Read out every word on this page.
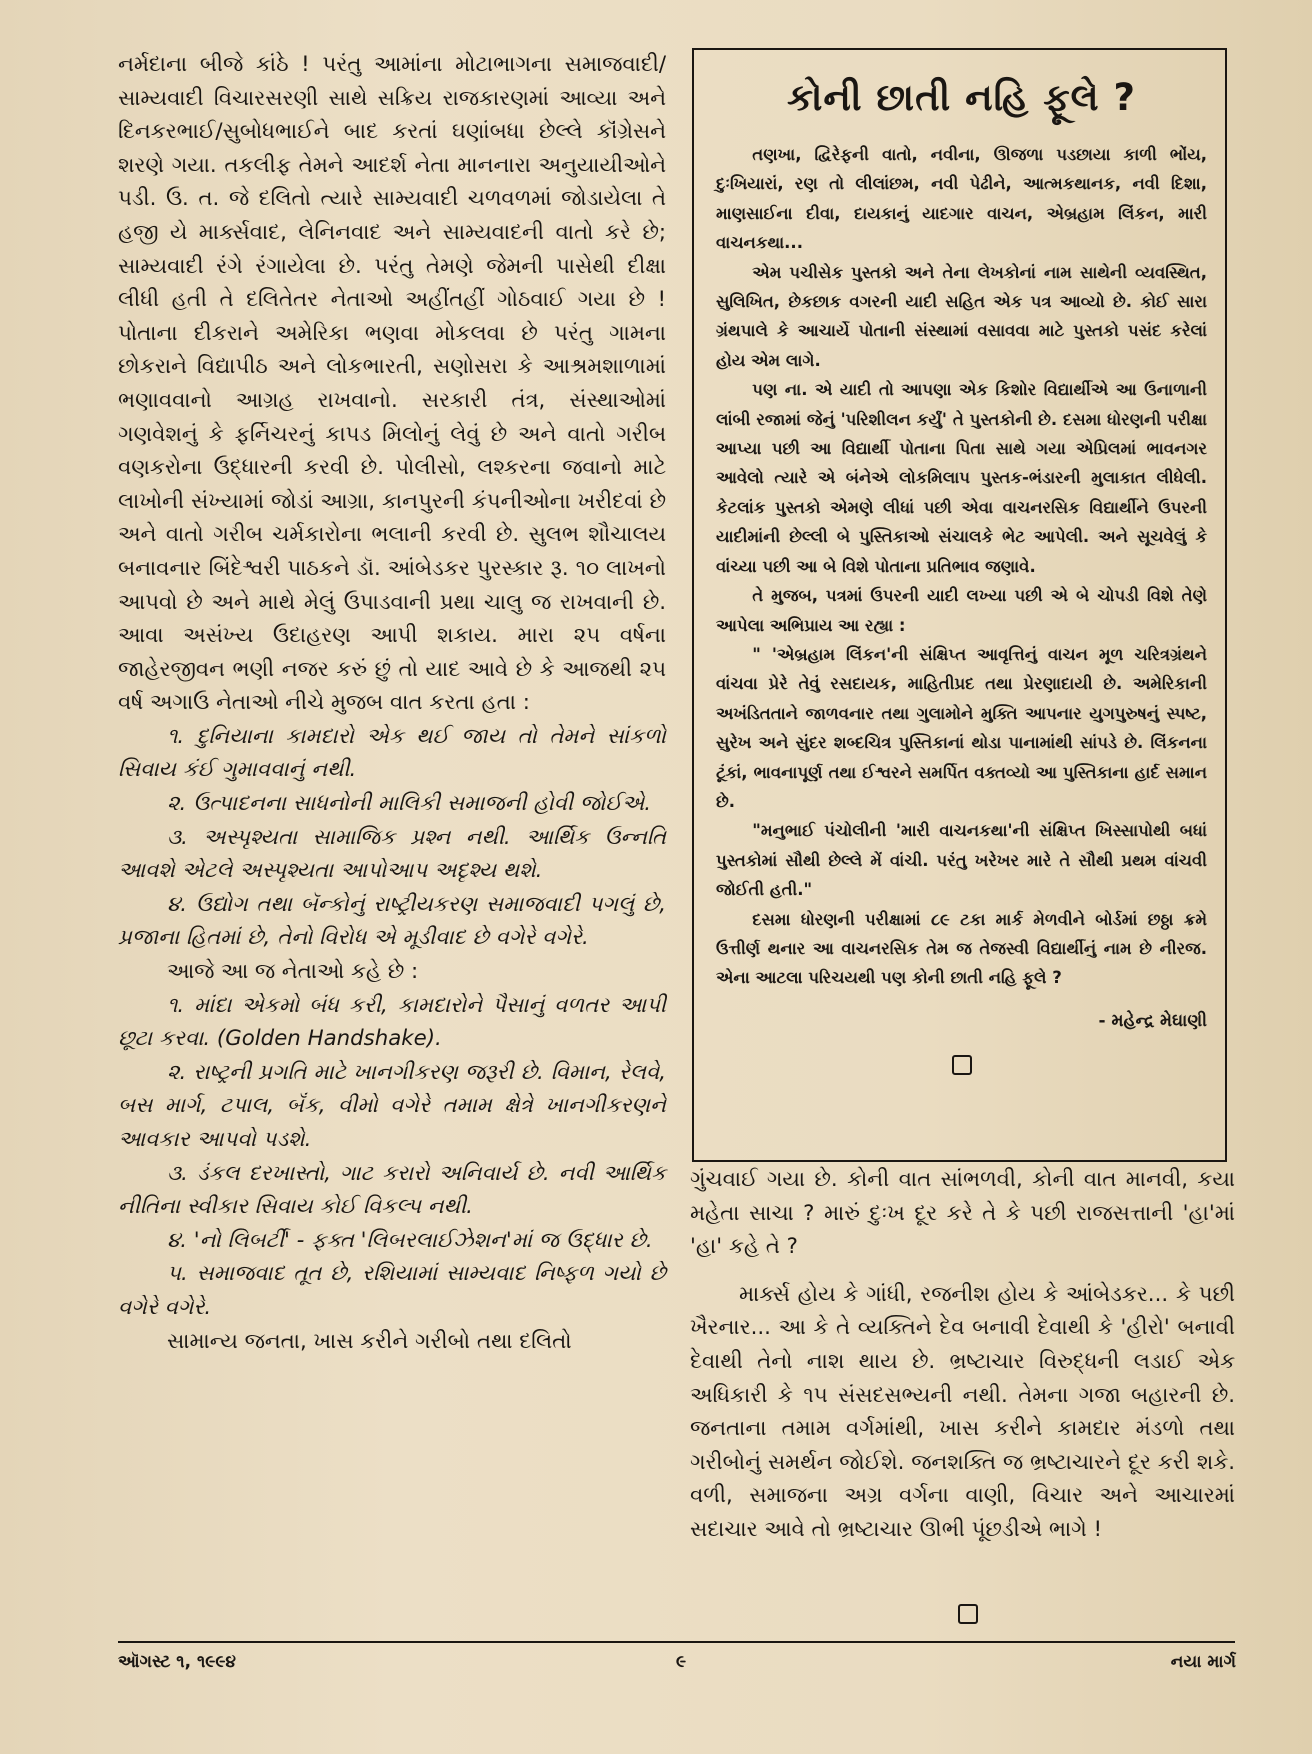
નર્મદાના બીજે કાંઠે ! પરંતુ આમાંના મોટાભાગના સમાજવાદી/સામ્યવાદી વિચારસરણી સાથે સક્રિય રાજકારણમાં આવ્યા અને દિનકરભાઈ/સુબોધભાઈને બાદ કરતાં ઘણાંબધા છેલ્લે કૉંગ્રેસને શરણે ગયા. તકલીફ તેમને આદર્શ નેતા માનનારા અનુયાયીઓને પડી. ઉ. ત. જે દલિતો ત્યારે સામ્યવાદી ચળવળમાં જોડાયેલા તે હજી યે માર્ક્સવાદ, લેનિનવાદ અને સામ્યવાદની વાતો કરે છે; સામ્યવાદી રંગે રંગાયેલા છે. પરંતુ તેમણે જેમની પાસેથી દીક્ષા લીધી હતી તે દલિતેતર નેતાઓ અહીંતહીં ગોઠવાઈ ગયા છે ! પોતાના દીકરાને અમેરિકા ભણવા મોકલવા છે પરંતુ ગામના છોકરાને વિદ્યાપીઠ અને લોકભારતી, સણોસરા કે આશ્રમશાળામાં ભણાવવાનો આગ્રહ રાખવાનો. સરકારી તંત્ર, સંસ્થાઓમાં ગણવેશનું કે ફર્નિચરનું કાપડ મિલોનું લેવું છે અને વાતો ગરીબ વણકરોના ઉદ્ધારની કરવી છે. પોલીસો, લશ્કરના જવાનો માટે લાખોની સંખ્યામાં જોડાં આગ્રા, કાનપુરની કંપનીઓના ખરીદવાં છે અને વાતો ગરીબ ચર્મકારોના ભલાની કરવી છે. સુલભ શૌચાલય બનાવનાર બિંદેશ્વરી પાઠકને ડૉ. આંબેડકર પુરસ્કાર રૂ. ૧૦ લાખનો આપવો છે અને માથે મેલું ઉપાડવાની પ્રથા ચાલુ જ રાખવાની છે. આવા અસંખ્ય ઉદાહરણ આપી શકાય. મારા ૨૫ વર્ષના જાહેરજીવન ભણી નજર કરું છું તો યાદ આવે છે કે આજથી ૨૫ વર્ષ અગાઉ નેતાઓ નીચે મુજબ વાત કરતા હતા :

૧. દુનિયાના કામદારો એક થઈ જાય તો તેમને સાંકળો સિવાય કંઈ ગુમાવવાનું નથી.

૨. ઉત્પાદનના સાધનોની માલિકી સમાજની હોવી જોઈએ.

૩. અસ્પૃશ્યતા સામાજિક પ્રશ્ન નથી. આર્થિક ઉન્નતિ આવશે એટલે અસ્પૃશ્યતા આપોઆપ અદૃશ્ય થશે.

૪. ઉદ્યોગ તથા બૅન્કોનું રાષ્ટ્રીયકરણ સમાજવાદી પગલું છે, પ્રજાના હિતમાં છે, તેનો વિરોધ એ મૂડીવાદ છે વગેરે વગેરે.

આજે આ જ નેતાઓ કહે છે :

૧. માંદા એકમો બંધ કરી, કામદારોને પૈસાનું વળતર આપી છૂટા કરવા. (Golden Handshake).

૨. રાષ્ટ્રની પ્રગતિ માટે ખાનગીકરણ જરૂરી છે. વિમાન, રેલવે, બસ માર્ગ, ટપાલ, બૅંક, વીમો વગેરે તમામ ક્ષેત્રે ખાનગીકરણને આવકાર આપવો પડશે.

૩. ડંકલ દરખાસ્તો, ગાટ કરારો અનિવાર્ય છે. નવી આર્થિક નીતિના સ્વીકાર સિવાય કોઈ વિકલ્પ નથી.

૪. 'નો લિબર્ટી' - ફક્ત 'લિબરલાઈઝેશન'માં જ ઉદ્ધાર છે.

૫. સમાજવાદ તૂત છે, રશિયામાં સામ્યવાદ નિષ્ફળ ગયો છે વગેરે વગેરે.

સામાન્ય જનતા, ખાસ કરીને ગરીબો તથા દલિતો

કોની છાતી નહિ ફૂલે ?

તણખા, દ્વિરેફની વાતો, નવીના, ઊજળા પડછાયા કાળી ભોંય, દુઃખિયારાં, રણ તો લીલાંછમ, નવી પેઢીને, આત્મકથાનક, નવી દિશા, માણસાઈના દીવા, દાયકાનું યાદગાર વાચન, એબ્રહામ લિંકન, મારી વાચનકથા...

એમ પચીસેક પુસ્તકો અને તેના લેખકોનાં નામ સાથેની વ્યવસ્થિત, સુલિખિત, છેકછાક વગરની યાદી સહિત એક પત્ર આવ્યો છે. કોઈ સારા ગ્રંથપાલે કે આચાર્યે પોતાની સંસ્થામાં વસાવવા માટે પુસ્તકો પસંદ કરેલાં હોય એમ લાગે.

પણ ના. એ યાદી તો આપણા એક કિશોર વિદ્યાર્થીએ આ ઉનાળાની લાંબી રજામાં જેનું 'પરિશીલન કર્યું' તે પુસ્તકોની છે. દસમા ધોરણની પરીક્ષા આપ્યા પછી આ વિદ્યાર્થી પોતાના પિતા સાથે ગયા એપ્રિલમાં ભાવનગર આવેલો ત્યારે એ બંનેએ લોકમિલાપ પુસ્તક-ભંડારની મુલાકાત લીધેલી. કેટલાંક પુસ્તકો એમણે લીધાં પછી એવા વાચનરસિક વિદ્યાર્થીને ઉપરની યાદીમાંની છેલ્લી બે પુસ્તિકાઓ સંચાલકે ભેટ આપેલી. અને સૂચવેલું કે વાંચ્યા પછી આ બે વિશે પોતાના પ્રતિભાવ જણાવે.

તે મુજબ, પત્રમાં ઉપરની યાદી લખ્યા પછી એ બે ચોપડી વિશે તેણે આપેલા અભિપ્રાય આ રહ્યા :

" 'એબ્રહામ લિંકન'ની સંક્ષિપ્ત આવૃત્તિનું વાચન મૂળ ચરિત્રગ્રંથને વાંચવા પ્રેરે તેવું રસદાયક, માહિતીપ્રદ તથા પ્રેરણાદાયી છે. અમેરિકાની અખંડિતતાને જાળવનાર તથા ગુલામોને મુક્તિ આપનાર યુગપુરુષનું સ્પષ્ટ, સુરેખ અને સુંદર શબ્દચિત્ર પુસ્તિકાનાં થોડા પાનામાંથી સાંપડે છે. લિંકનના ટૂંકાં, ભાવનાપૂર્ણ તથા ઈશ્વરને સમર્પિત વક્તવ્યો આ પુસ્તિકાના હાર્દ સમાન છે.

"મનુભાઈ પંચોલીની 'મારી વાચનકથા'ની સંક્ષિપ્ત ખિસ્સાપોથી બધાં પુસ્તકોમાં સૌથી છેલ્લે મેં વાંચી. પરંતુ ખરેખર મારે તે સૌથી પ્રથમ વાંચવી જોઈતી હતી."

દસમા ધોરણની પરીક્ષામાં ૮૯ ટકા માર્ક મેળવીને બોર્ડમાં છઠ્ઠા ક્રમે ઉત્તીર્ણ થનાર આ વાચનરસિક તેમ જ તેજસ્વી વિદ્યાર્થીનું નામ છે નીરજ. એના આટલા પરિચયથી પણ કોની છાતી નહિ ફૂલે ?

- મહેન્દ્ર મેઘાણી

ગુંચવાઈ ગયા છે. કોની વાત સાંભળવી, કોની વાત માનવી, કયા મહેતા સાચા ? મારું દુઃખ દૂર કરે તે કે પછી રાજસત્તાની 'હા'માં 'હા' કહે તે ?

માર્ક્સ હોય કે ગાંધી, રજનીશ હોય કે આંબેડકર... કે પછી ખૈરનાર... આ કે તે વ્યક્તિને દેવ બનાવી દેવાથી કે 'હીરો' બનાવી દેવાથી તેનો નાશ થાય છે. ભ્રષ્ટાચાર વિરુદ્ધની લડાઈ એક અધિકારી કે ૧૫ સંસદસભ્યની નથી. તેમના ગજા બહારની છે. જનતાના તમામ વર્ગમાંથી, ખાસ કરીને કામદાર મંડળો તથા ગરીબોનું સમર્થન જોઈશે. જનશક્તિ જ ભ્રષ્ટાચારને દૂર કરી શકે. વળી, સમાજના અગ્ર વર્ગના વાણી, વિચાર અને આચારમાં સદાચાર આવે તો ભ્રષ્ટાચાર ઊભી પૂંછડીએ ભાગે !

ઑગસ્ટ ૧, ૧૯૯૪	૯	નયા માર્ગ
